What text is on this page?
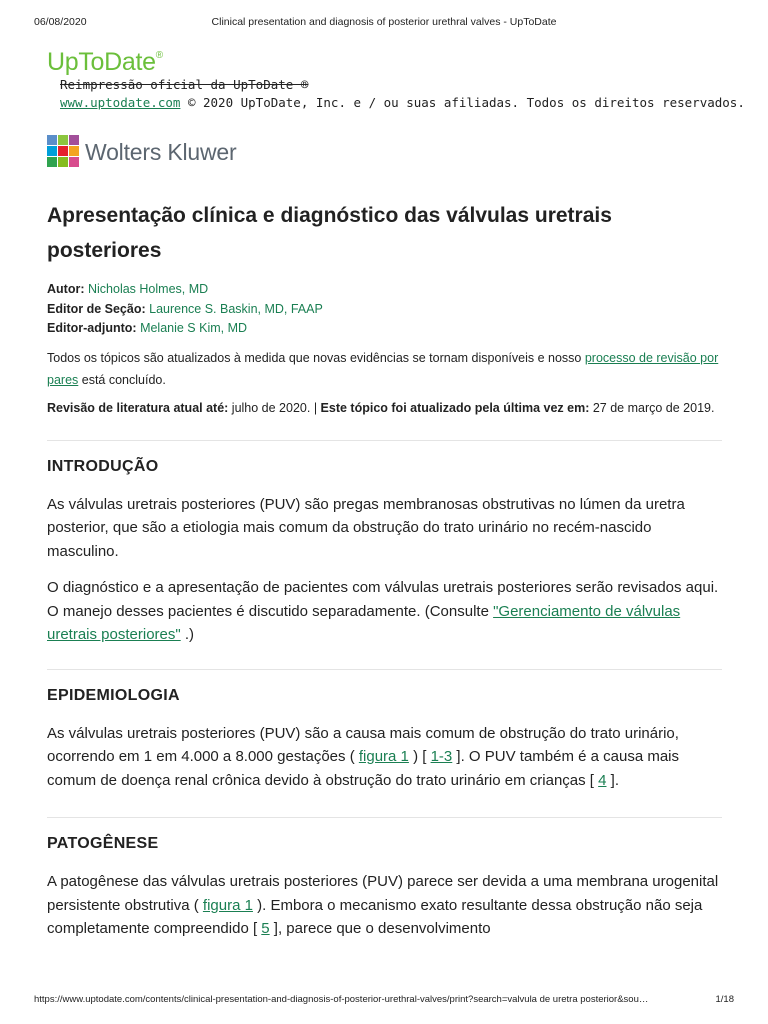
06/08/2020	Clinical presentation and diagnosis of posterior urethral valves - UpToDate
UpToDate®
Reimpressão oficial da UpToDate ®
www.uptodate.com © 2020 UpToDate, Inc. e / ou suas afiliadas. Todos os direitos reservados.
Wolters Kluwer
Apresentação clínica e diagnóstico das válvulas uretrais posteriores
Autor: Nicholas Holmes, MD
Editor de Seção: Laurence S. Baskin, MD, FAAP
Editor-adjunto: Melanie S Kim, MD
Todos os tópicos são atualizados à medida que novas evidências se tornam disponíveis e nosso processo de revisão por pares está concluído.
Revisão de literatura atual até: julho de 2020. | Este tópico foi atualizado pela última vez em: 27 de março de 2019.
INTRODUÇÃO

As válvulas uretrais posteriores (PUV) são pregas membranosas obstrutivas no lúmen da uretra posterior, que são a etiologia mais comum da obstrução do trato urinário no recém-nascido masculino.

O diagnóstico e a apresentação de pacientes com válvulas uretrais posteriores serão revisados aqui. O manejo desses pacientes é discutido separadamente. (Consulte "Gerenciamento de válvulas uretrais posteriores" .)

EPIDEMIOLOGIA

As válvulas uretrais posteriores (PUV) são a causa mais comum de obstrução do trato urinário, ocorrendo em 1 em 4.000 a 8.000 gestações ( figura 1 ) [ 1-3 ]. O PUV também é a causa mais comum de doença renal crônica devido à obstrução do trato urinário em crianças [ 4 ].

PATOGÊNESE

A patogênese das válvulas uretrais posteriores (PUV) parece ser devida a uma membrana urogenital persistente obstrutiva ( figura 1 ). Embora o mecanismo exato resultante dessa obstrução não seja completamente compreendido [ 5 ], parece que o desenvolvimento

https://www.uptodate.com/contents/clinical-presentation-and-diagnosis-of-posterior-urethral-valves/print?search=valvula de uretra posterior&sou…	1/18
